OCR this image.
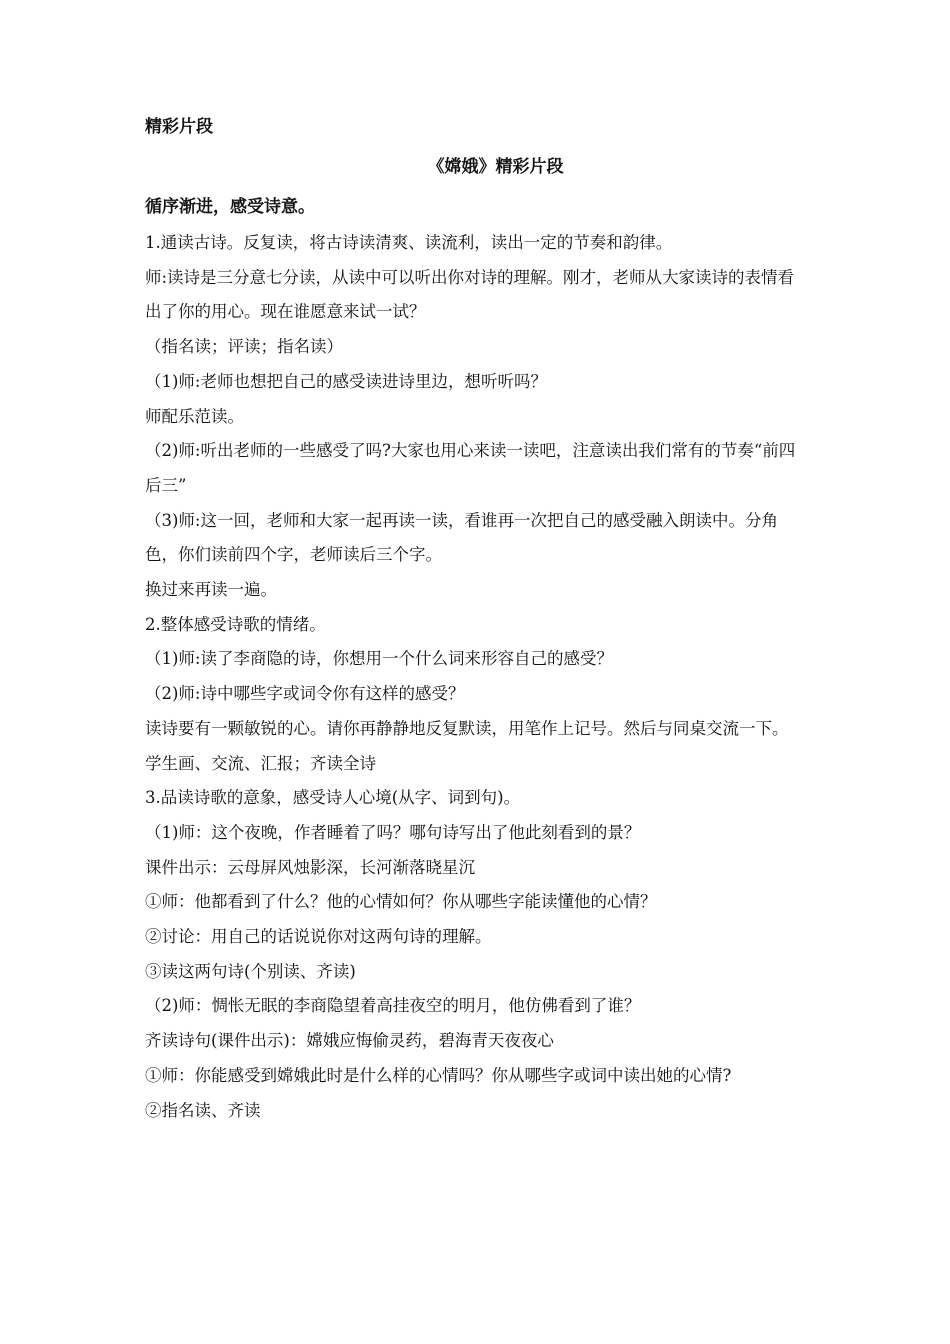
精彩片段
《嫦娥》精彩片段
循序渐进，感受诗意。

1.通读古诗。反复读，将古诗读清爽、读流利，读出一定的节奏和韵律。

师:读诗是三分意七分读，从读中可以听出你对诗的理解。刚才，老师从大家读诗的表情看出了你的用心。现在谁愿意来试一试？

（指名读；评读；指名读）

（1)师:老师也想把自己的感受读进诗里边，想听听吗？

师配乐范读。

（2)师:听出老师的一些感受了吗?大家也用心来读一读吧，注意读出我们常有的节奏“前四后三”

（3)师:这一回，老师和大家一起再读一读，看谁再一次把自己的感受融入朗读中。分角色，你们读前四个字，老师读后三个字。

换过来再读一遍。

2.整体感受诗歌的情绪。

（1)师:读了李商隐的诗，你想用一个什么词来形容自己的感受？

（2)师:诗中哪些字或词令你有这样的感受？

读诗要有一颗敏锐的心。请你再静静地反复默读，用笔作上记号。然后与同桌交流一下。

学生画、交流、汇报；齐读全诗

3.品读诗歌的意象，感受诗人心境(从字、词到句)。

（1)师：这个夜晚，作者睡着了吗？哪句诗写出了他此刻看到的景？

课件出示：云母屏风烛影深，长河渐落晓星沉

①师：他都看到了什么？他的心情如何？你从哪些字能读懂他的心情？

②讨论：用自己的话说说你对这两句诗的理解。

③读这两句诗(个别读、齐读)

（2)师：惆怅无眠的李商隐望着高挂夜空的明月，他仿佛看到了谁？

齐读诗句(课件出示)：嫦娥应悔偷灵药，碧海青天夜夜心

①师：你能感受到嫦娥此时是什么样的心情吗？你从哪些字或词中读出她的心情?

②指名读、齐读
